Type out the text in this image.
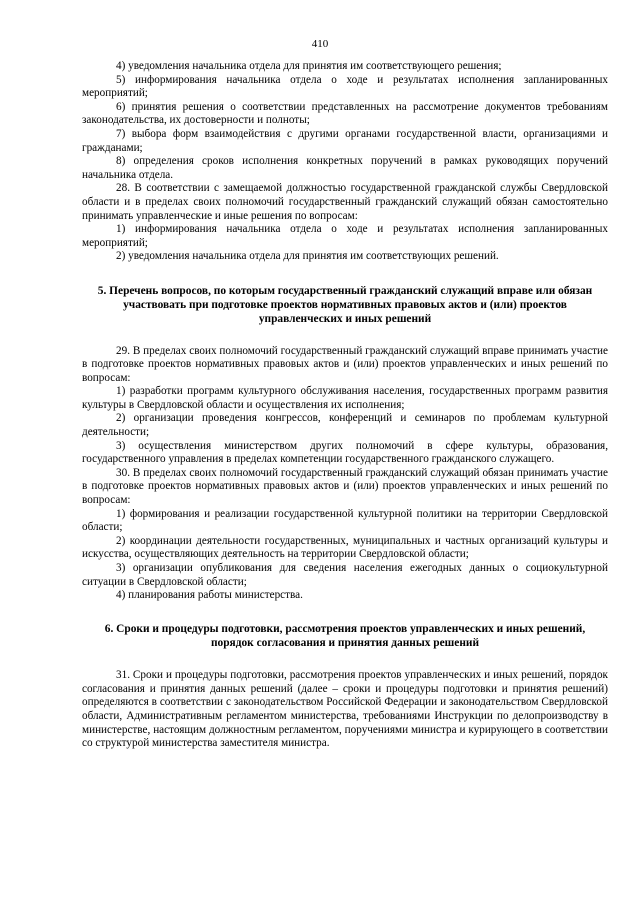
410

4) уведомления начальника отдела для принятия им соответствующего решения;

5) информирования начальника отдела о ходе и результатах исполнения запланированных мероприятий;

6) принятия решения о соответствии представленных на рассмотрение документов требованиям законодательства, их достоверности и полноты;

7) выбора форм взаимодействия с другими органами государственной власти, организациями и гражданами;

8) определения сроков исполнения конкретных поручений в рамках руководящих поручений начальника отдела.

28. В соответствии с замещаемой должностью государственной гражданской службы Свердловской области и в пределах своих полномочий государственный гражданский служащий обязан самостоятельно принимать управленческие и иные решения по вопросам:

1) информирования начальника отдела о ходе и результатах исполнения запланированных мероприятий;

2) уведомления начальника отдела для принятия им соответствующих решений.

5. Перечень вопросов, по которым государственный гражданский служащий вправе или обязан участвовать при подготовке проектов нормативных правовых актов и (или) проектов управленческих и иных решений

29. В пределах своих полномочий государственный гражданский служащий вправе принимать участие в подготовке проектов нормативных правовых актов и (или) проектов управленческих и иных решений по вопросам:

1) разработки программ культурного обслуживания населения, государственных программ развития культуры в Свердловской области и осуществления их исполнения;

2) организации проведения конгрессов, конференций и семинаров по проблемам культурной деятельности;

3) осуществления министерством других полномочий в сфере культуры, образования, государственного управления в пределах компетенции государственного гражданского служащего.

30. В пределах своих полномочий государственный гражданский служащий обязан принимать участие в подготовке проектов нормативных правовых актов и (или) проектов управленческих и иных решений по вопросам:

1) формирования и реализации государственной культурной политики на территории Свердловской области;

2) координации деятельности государственных, муниципальных и частных организаций культуры и искусства, осуществляющих деятельность на территории Свердловской области;

3) организации опубликования для сведения населения ежегодных данных о социокультурной ситуации в Свердловской области;

4) планирования работы министерства.

6. Сроки и процедуры подготовки, рассмотрения проектов управленческих и иных решений, порядок согласования и принятия данных решений

31. Сроки и процедуры подготовки, рассмотрения проектов управленческих и иных решений, порядок согласования и принятия данных решений (далее – сроки и процедуры подготовки и принятия решений) определяются в соответствии с законодательством Российской Федерации и законодательством Свердловской области, Административным регламентом министерства, требованиями Инструкции по делопроизводству в министерстве, настоящим должностным регламентом, поручениями министра и курирующего в соответствии со структурой министерства заместителя министра.
